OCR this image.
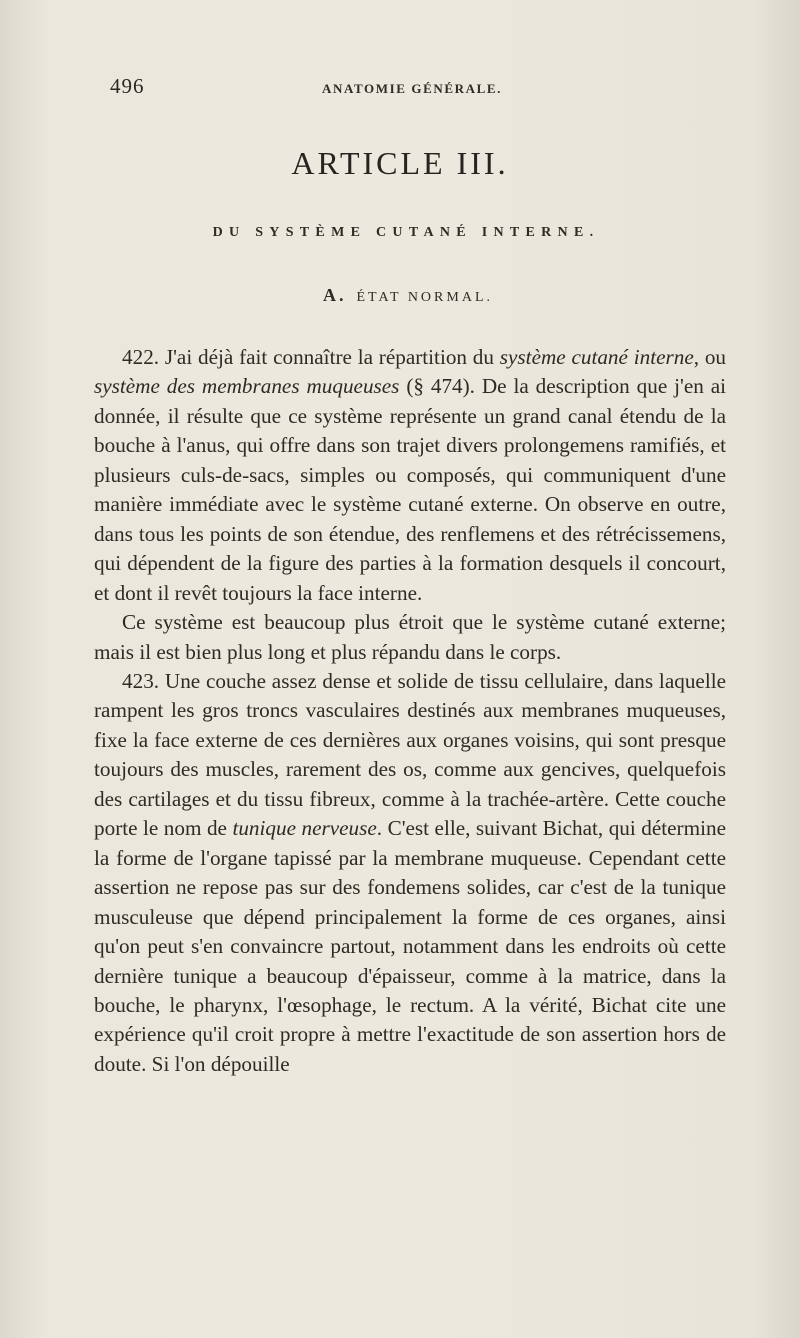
496	ANATOMIE GÉNÉRALE.
ARTICLE III.
DU SYSTÈME CUTANÉ INTERNE.
A. ÉTAT NORMAL.

422. J'ai déjà fait connaître la répartition du système cutané interne, ou système des membranes muqueuses (§ 474). De la description que j'en ai donnée, il résulte que ce système représente un grand canal étendu de la bouche à l'anus, qui offre dans son trajet divers prolongemens ramifiés, et plusieurs culs-de-sacs, simples ou composés, qui communiquent d'une manière immédiate avec le système cutané externe. On observe en outre, dans tous les points de son étendue, des renflemens et des rétrécissemens, qui dépendent de la figure des parties à la formation desquels il concourt, et dont il revêt toujours la face interne.

Ce système est beaucoup plus étroit que le système cutané externe; mais il est bien plus long et plus répandu dans le corps.

423. Une couche assez dense et solide de tissu cellulaire, dans laquelle rampent les gros troncs vasculaires destinés aux membranes muqueuses, fixe la face externe de ces dernières aux organes voisins, qui sont presque toujours des muscles, rarement des os, comme aux gencives, quelquefois des cartilages et du tissu fibreux, comme à la trachée-artère. Cette couche porte le nom de tunique nerveuse. C'est elle, suivant Bichat, qui détermine la forme de l'organe tapissé par la membrane muqueuse. Cependant cette assertion ne repose pas sur des fondemens solides, car c'est de la tunique musculeuse que dépend principalement la forme de ces organes, ainsi qu'on peut s'en convaincre partout, notamment dans les endroits où cette dernière tunique a beaucoup d'épaisseur, comme à la matrice, dans la bouche, le pharynx, l'œsophage, le rectum. A la vérité, Bichat cite une expérience qu'il croit propre à mettre l'exactitude de son assertion hors de doute. Si l'on dépouille
